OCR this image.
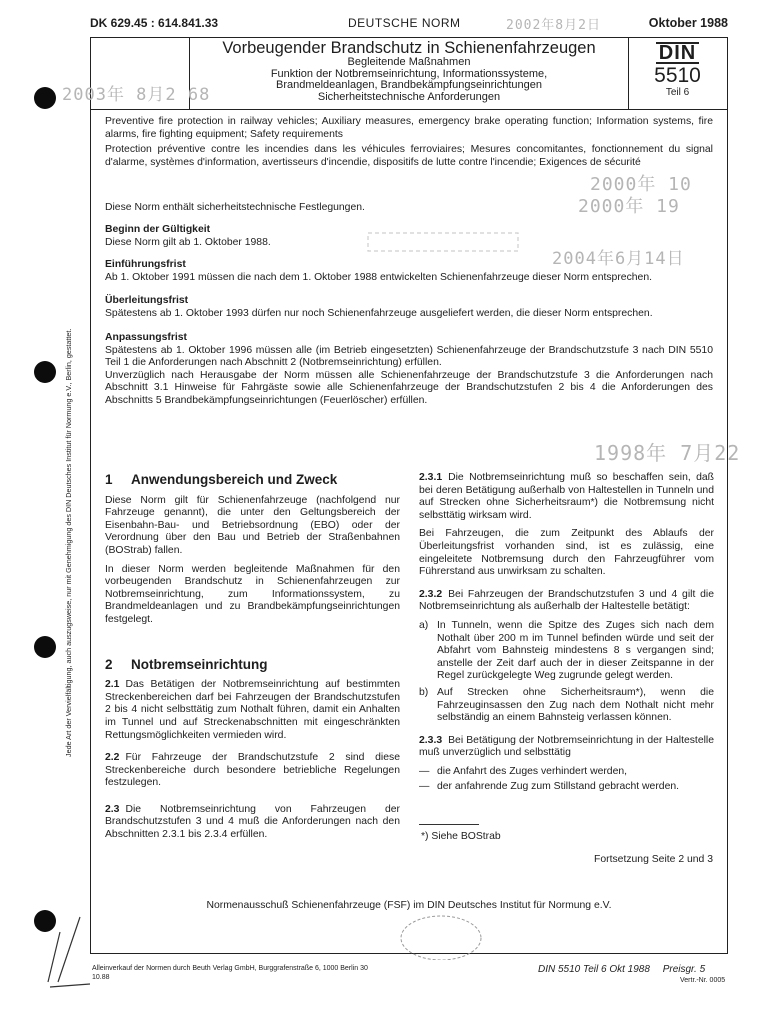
DK 629.45 : 614.841.33	DEUTSCHE NORM	Oktober 1988
Vorbeugender Brandschutz in Schienenfahrzeugen
Begleitende Maßnahmen
Funktion der Notbremseinrichtung, Informationssysteme,
Brandmeldeanlagen, Brandbekämpfungseinrichtungen
Sicherheitstechnische Anforderungen
DIN
5510
Teil 6
Preventive fire protection in railway vehicles; Auxiliary measures, emergency brake operating function; Information systems, fire alarms, fire fighting equipment; Safety requirements
Protection préventive contre les incendies dans les véhicules ferroviaires; Mesures concomitantes, fonctionnement du signal d'alarme, systèmes d'information, avertisseurs d'incendie, dispositifs de lutte contre l'incendie; Exigences de sécurité
Diese Norm enthält sicherheitstechnische Festlegungen.
Beginn der Gültigkeit
Diese Norm gilt ab 1. Oktober 1988.
Einführungsfrist
Ab 1. Oktober 1991 müssen die nach dem 1. Oktober 1988 entwickelten Schienenfahrzeuge dieser Norm entsprechen.
Überleitungsfrist
Spätestens ab 1. Oktober 1993 dürfen nur noch Schienenfahrzeuge ausgeliefert werden, die dieser Norm entsprechen.
Anpassungsfrist
Spätestens ab 1. Oktober 1996 müssen alle (im Betrieb eingesetzten) Schienenfahrzeuge der Brandschutzstufe 3 nach DIN 5510 Teil 1 die Anforderungen nach Abschnitt 2 (Notbremseinrichtung) erfüllen.
Unverzüglich nach Herausgabe der Norm müssen alle Schienenfahrzeuge der Brandschutzstufe 3 die Anforderungen nach Abschnitt 3.1 Hinweise für Fahrgäste sowie alle Schienenfahrzeuge der Brandschutzstufen 2 bis 4 die Anforderungen des Abschnitts 5 Brandbekämpfungseinrichtungen (Feuerlöscher) erfüllen.
1 Anwendungsbereich und Zweck

Diese Norm gilt für Schienenfahrzeuge (nachfolgend nur Fahrzeuge genannt), die unter den Geltungsbereich der Eisenbahn-Bau- und Betriebsordnung (EBO) oder der Verordnung über den Bau und Betrieb der Straßenbahnen (BOStrab) fallen.

In dieser Norm werden begleitende Maßnahmen für den vorbeugenden Brandschutz in Schienenfahrzeugen zur Notbremseinrichtung, zum Informationssystem, zu Brandmeldeanlagen und zu Brandbekämpfungseinrichtungen festgelegt.

2 Notbremseinrichtung

2.1 Das Betätigen der Notbremseinrichtung auf bestimmten Streckenbereichen darf bei Fahrzeugen der Brandschutzstufen 2 bis 4 nicht selbsttätig zum Nothalt führen, damit ein Anhalten im Tunnel und auf Streckenabschnitten mit eingeschränkten Rettungsmöglichkeiten vermieden wird.

2.2 Für Fahrzeuge der Brandschutzstufe 2 sind diese Streckenbereiche durch besondere betriebliche Regelungen festzulegen.

2.3 Die Notbremseinrichtung von Fahrzeugen der Brandschutzstufen 3 und 4 muß die Anforderungen nach den Abschnitten 2.3.1 bis 2.3.4 erfüllen.

2.3.1 Die Notbremseinrichtung muß so beschaffen sein, daß bei deren Betätigung außerhalb von Haltestellen in Tunneln und auf Strecken ohne Sicherheitsraum*) die Notbremsung nicht selbsttätig wirksam wird.

Bei Fahrzeugen, die zum Zeitpunkt des Ablaufs der Überleitungsfrist vorhanden sind, ist es zulässig, eine eingeleitete Notbremsung durch den Fahrzeugführer vom Führerstand aus unwirksam zu schalten.

2.3.2 Bei Fahrzeugen der Brandschutzstufen 3 und 4 gilt die Notbremseinrichtung als außerhalb der Haltestelle betätigt:

a) In Tunneln, wenn die Spitze des Zuges sich nach dem Nothalt über 200 m im Tunnel befinden würde und seit der Abfahrt vom Bahnsteig mindestens 8 s vergangen sind; anstelle der Zeit darf auch der in dieser Zeitspanne in der Regel zurückgelegte Weg zugrunde gelegt werden.
b) Auf Strecken ohne Sicherheitsraum*), wenn die Fahrzeuginsassen den Zug nach dem Nothalt nicht mehr selbständig an einem Bahnsteig verlassen können.

2.3.3 Bei Betätigung der Notbremseinrichtung in der Haltestelle muß unverzüglich und selbsttätig

— die Anfahrt des Zuges verhindert werden,
— der anfahrende Zug zum Stillstand gebracht werden.
*) Siehe BOStrab
Fortsetzung Seite 2 und 3
Normenausschuß Schienenfahrzeuge (FSF) im DIN Deutsches Institut für Normung e.V.
Alleinverkauf der Normen durch Beuth Verlag GmbH, Burggrafenstraße 6, 1000 Berlin 30
10.88
DIN 5510 Teil 6 Okt 1988 Preisgr. 5
Vertr.-Nr. 0005
Jede Art der Vervielfältigung, auch auszugsweise, nur mit Genehmigung des DIN Deutsches Institut für Normung e.V., Berlin, gestattet.
2002年8月2日
2003年 8月2 68
2000年 10
2000年 19
2004年6月14日
1998年 7月22
